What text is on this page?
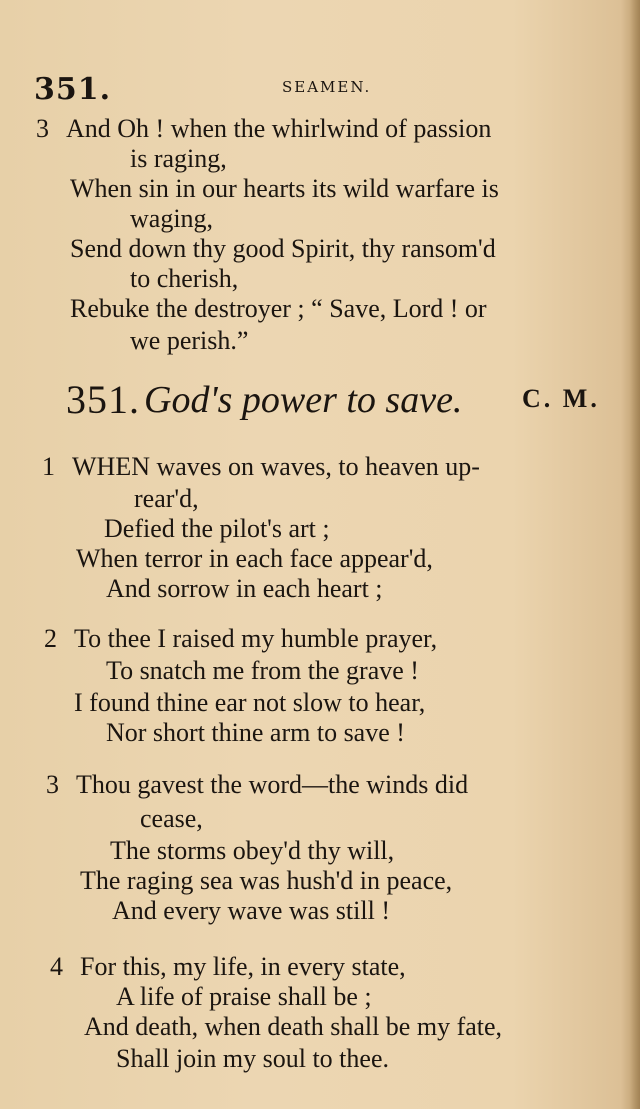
351.	SEAMEN.
3 And Oh ! when the whirlwind of passion
is raging,
When sin in our hearts its wild warfare is
waging,
Send down thy good Spirit, thy ransom'd
to cherish,
Rebuke the destroyer ; “ Save, Lord ! or
we perish.”
351. God's power to save. C. M.
1 WHEN waves on waves, to heaven up-
rear'd,
Defied the pilot's art ;
When terror in each face appear'd,
And sorrow in each heart ;
2 To thee I raised my humble prayer,
To snatch me from the grave !
I found thine ear not slow to hear,
Nor short thine arm to save !
3 Thou gavest the word—the winds did
cease,
The storms obey'd thy will,
The raging sea was hush'd in peace,
And every wave was still !
4 For this, my life, in every state,
A life of praise shall be ;
And death, when death shall be my fate,
Shall join my soul to thee.
